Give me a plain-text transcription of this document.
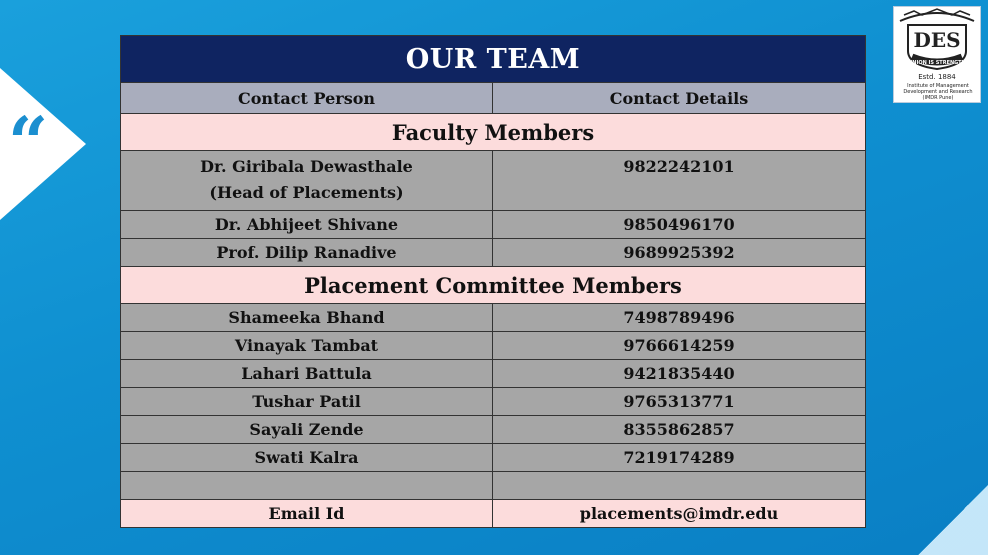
“
DES
UNION IS STRENGTH
Estd. 1884
Institute of Management Development and Research (IMDR Pune)
OUR TEAM	
Contact Person	Contact Details
Faculty Members	

Dr. Giribala Dewasthale
(Head of Placements)	9822242101
Dr. Abhijeet Shivane	9850496170
Prof. Dilip Ranadive	9689925392
Placement Committee Members	
Shameeka Bhand	7498789496
Vinayak Tambat	9766614259
Lahari Battula	9421835440
Tushar Patil	9765313771
Sayali Zende	8355862857
Swati Kalra	7219174289

Email Id	placements@imdr.edu
